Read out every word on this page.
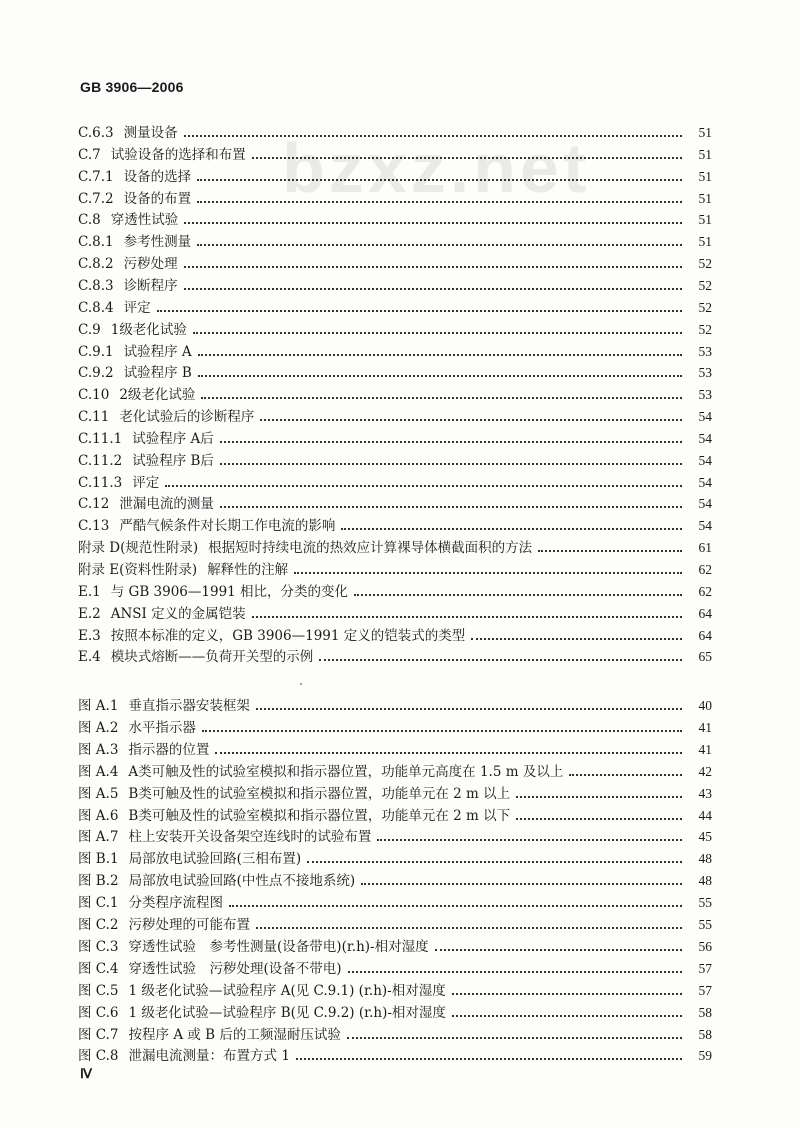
GB 3906—2006
bzxz.net
C.6.3 测量设备	51
C.7 试验设备的选择和布置	51
C.7.1 设备的选择	51
C.7.2 设备的布置	51
C.8 穿透性试验	51
C.8.1 参考性测量	51
C.8.2 污秽处理	52
C.8.3 诊断程序	52
C.8.4 评定	52
C.9 1级老化试验	52
C.9.1 试验程序 A	53
C.9.2 试验程序 B	53
C.10 2级老化试验	53
C.11 老化试验后的诊断程序	54
C.11.1 试验程序 A后	54
C.11.2 试验程序 B后	54
C.11.3 评定	54
C.12 泄漏电流的测量	54
C.13 严酷气候条件对长期工作电流的影响	54
附录 D(规范性附录) 根据短时持续电流的热效应计算裸导体横截面积的方法	61
附录 E(资料性附录) 解释性的注解	62
E.1 与 GB 3906—1991 相比，分类的变化	62
E.2 ANSI 定义的金属铠装	64
E.3 按照本标准的定义，GB 3906—1991 定义的铠装式的类型	64
E.4 模块式熔断——负荷开关型的示例	65
图 A.1 垂直指示器安装框架	40
图 A.2 水平指示器	41
图 A.3 指示器的位置	41
图 A.4 A类可触及性的试验室模拟和指示器位置，功能单元高度在 1.5 m 及以上	42
图 A.5 B类可触及性的试验室模拟和指示器位置，功能单元在 2 m 以上	43
图 A.6 B类可触及性的试验室模拟和指示器位置，功能单元在 2 m 以下	44
图 A.7 柱上安装开关设备架空连线时的试验布置	45
图 B.1 局部放电试验回路(三相布置)	48
图 B.2 局部放电试验回路(中性点不接地系统)	48
图 C.1 分类程序流程图	55
图 C.2 污秽处理的可能布置	55
图 C.3 穿透性试验　参考性测量(设备带电)(r.h)-相对湿度	56
图 C.4 穿透性试验　污秽处理(设备不带电)	57
图 C.5 1 级老化试验—试验程序 A(见 C.9.1) (r.h)-相对湿度	57
图 C.6 1 级老化试验—试验程序 B(见 C.9.2) (r.h)-相对湿度	58
图 C.7 按程序 A 或 B 后的工频湿耐压试验	58
图 C.8 泄漏电流测量：布置方式 1	59
Ⅳ
